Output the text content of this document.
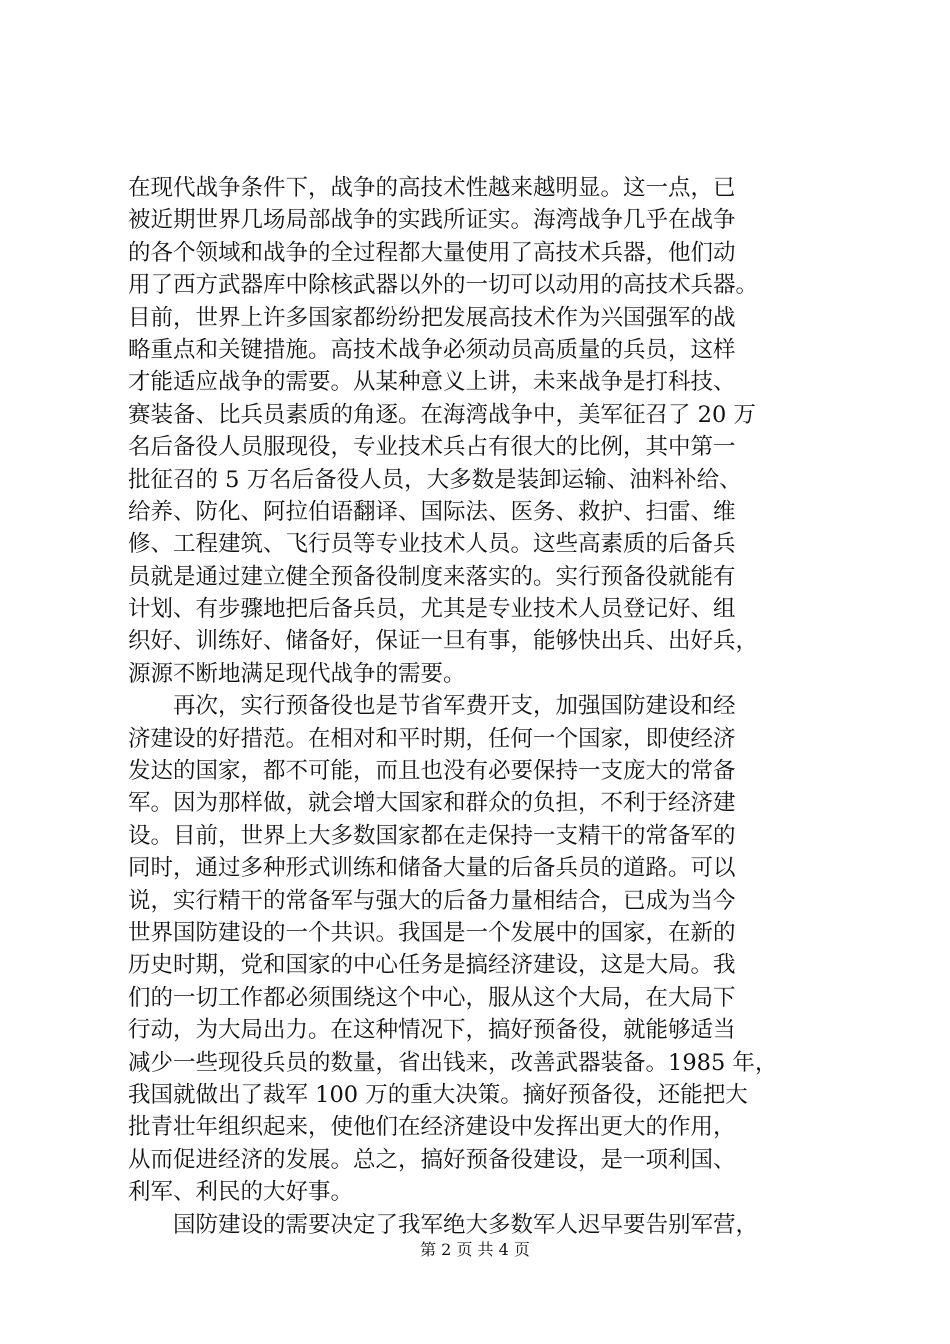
在现代战争条件下，战争的高技术性越来越明显。这一点，已
被近期世界几场局部战争的实践所证实。海湾战争几乎在战争
的各个领域和战争的全过程都大量使用了高技术兵器，他们动
用了西方武器库中除核武器以外的一切可以动用的高技术兵器。
目前，世界上许多国家都纷纷把发展高技术作为兴国强军的战
略重点和关键措施。高技术战争必须动员高质量的兵员，这样
才能适应战争的需要。从某种意义上讲，未来战争是打科技、
赛装备、比兵员素质的角逐。在海湾战争中，美军征召了 20 万
名后备役人员服现役，专业技术兵占有很大的比例，其中第一
批征召的 5 万名后备役人员，大多数是装卸运输、油料补给、
给养、防化、阿拉伯语翻译、国际法、医务、救护、扫雷、维
修、工程建筑、飞行员等专业技术人员。这些高素质的后备兵
员就是通过建立健全预备役制度来落实的。实行预备役就能有
计划、有步骤地把后备兵员，尤其是专业技术人员登记好、组
织好、训练好、储备好，保证一旦有事，能够快出兵、出好兵，
源源不断地满足现代战争的需要。
再次，实行预备役也是节省军费开支，加强国防建设和经
济建设的好措范。在相对和平时期，任何一个国家，即使经济
发达的国家，都不可能，而且也没有必要保持一支庞大的常备
军。因为那样做，就会增大国家和群众的负担，不利于经济建
设。目前，世界上大多数国家都在走保持一支精干的常备军的
同时，通过多种形式训练和储备大量的后备兵员的道路。可以
说，实行精干的常备军与强大的后备力量相结合，已成为当今
世界国防建设的一个共识。我国是一个发展中的国家，在新的
历史时期，党和国家的中心任务是搞经济建设，这是大局。我
们的一切工作都必须围绕这个中心，服从这个大局，在大局下
行动，为大局出力。在这种情况下，搞好预备役，就能够适当
减少一些现役兵员的数量，省出钱来，改善武器装备。1985 年，
我国就做出了裁军 100 万的重大决策。摘好预备役，还能把大
批青壮年组织起来，使他们在经济建设中发挥出更大的作用，
从而促进经济的发展。总之，搞好预备役建设，是一项利国、
利军、利民的大好事。
国防建设的需要决定了我军绝大多数军人迟早要告别军营，
第 2 页 共 4 页
